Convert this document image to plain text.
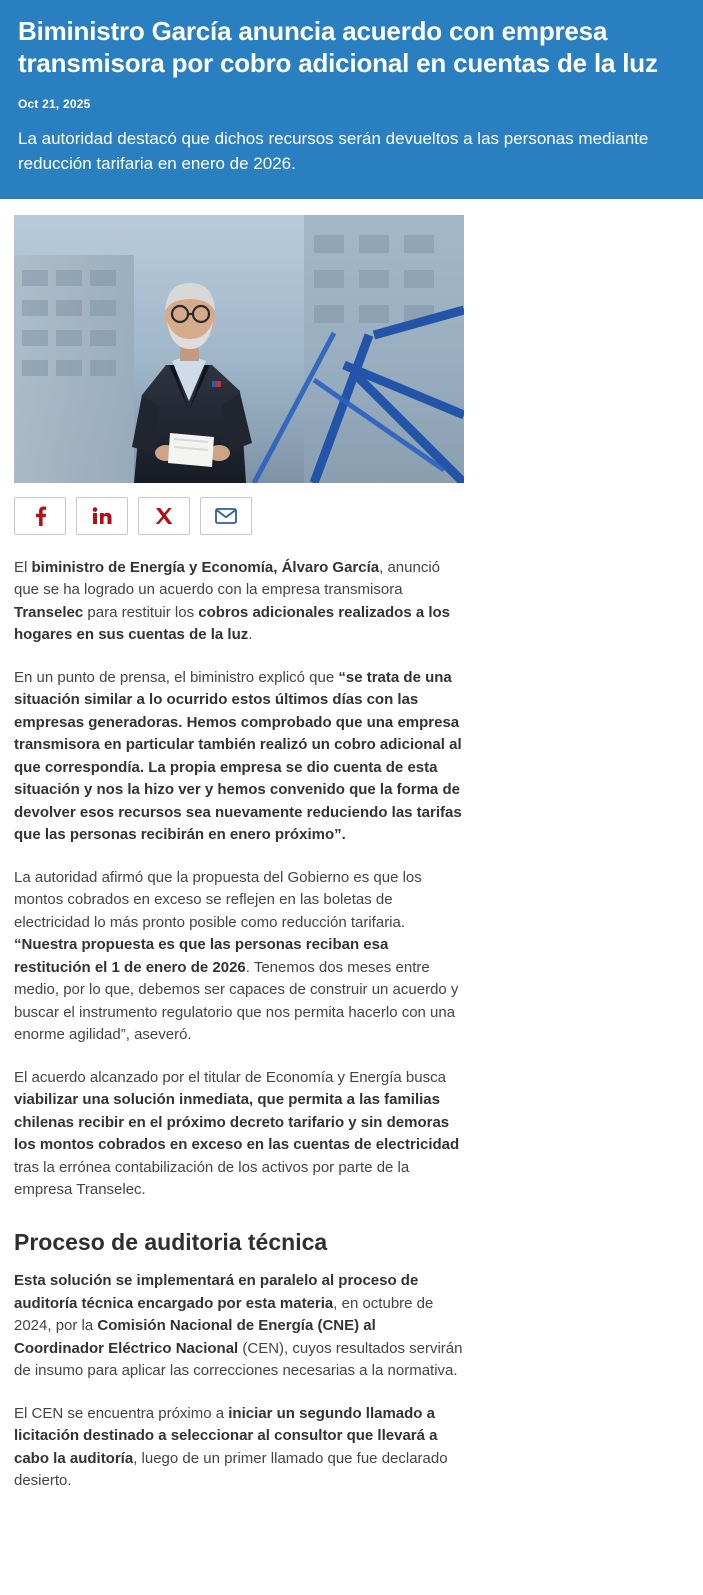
Biministro García anuncia acuerdo con empresa transmisora por cobro adicional en cuentas de la luz
Oct 21, 2025
La autoridad destacó que dichos recursos serán devueltos a las personas mediante reducción tarifaria en enero de 2026.

El biministro de Energía y Economía, Álvaro García, anunció que se ha logrado un acuerdo con la empresa transmisora Transelec para restituir los cobros adicionales realizados a los hogares en sus cuentas de la luz.

En un punto de prensa, el biministro explicó que “se trata de una situación similar a lo ocurrido estos últimos días con las empresas generadoras. Hemos comprobado que una empresa transmisora en particular también realizó un cobro adicional al que correspondía. La propia empresa se dio cuenta de esta situación y nos la hizo ver y hemos convenido que la forma de devolver esos recursos sea nuevamente reduciendo las tarifas que las personas recibirán en enero próximo”.

La autoridad afirmó que la propuesta del Gobierno es que los montos cobrados en exceso se reflejen en las boletas de electricidad lo más pronto posible como reducción tarifaria. “Nuestra propuesta es que las personas reciban esa restitución el 1 de enero de 2026. Tenemos dos meses entre medio, por lo que, debemos ser capaces de construir un acuerdo y buscar el instrumento regulatorio que nos permita hacerlo con una enorme agilidad”, aseveró.

El acuerdo alcanzado por el titular de Economía y Energía busca viabilizar una solución inmediata, que permita a las familias chilenas recibir en el próximo decreto tarifario y sin demoras los montos cobrados en exceso en las cuentas de electricidad tras la errónea contabilización de los activos por parte de la empresa Transelec.

Proceso de auditoria técnica

Esta solución se implementará en paralelo al proceso de auditoría técnica encargado por esta materia, en octubre de 2024, por la Comisión Nacional de Energía (CNE) al Coordinador Eléctrico Nacional (CEN), cuyos resultados servirán de insumo para aplicar las correcciones necesarias a la normativa.

El CEN se encuentra próximo a iniciar un segundo llamado a licitación destinado a seleccionar al consultor que llevará a cabo la auditoría, luego de un primer llamado que fue declarado desierto.
